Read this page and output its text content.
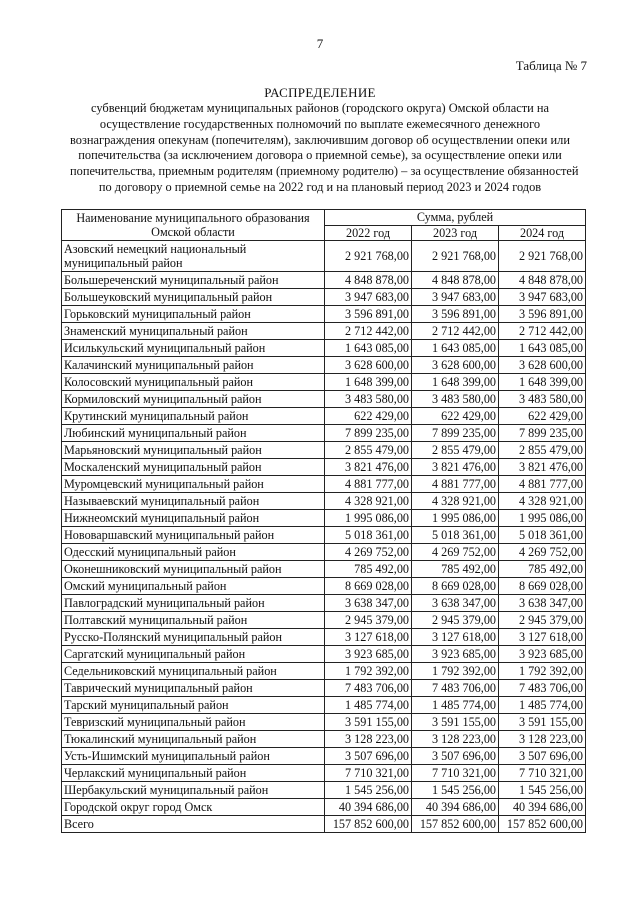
7
Таблица № 7
РАСПРЕДЕЛЕНИЕ
субвенций бюджетам муниципальных районов (городского округа) Омской области на
осуществление государственных полномочий по выплате ежемесячного денежного
вознаграждения опекунам (попечителям), заключившим договор об осуществлении опеки или
попечительства (за исключением договора о приемной семье), за осуществление опеки или
попечительства, приемным родителям (приемному родителю) – за осуществление обязанностей
по договору о приемной семье на 2022 год и на плановый период 2023 и 2024 годов
Наименование муниципального образования Омской области	Сумма, рублей		
	2022 год	2023 год	2024 год
Азовский немецкий национальный муниципальный район	2 921 768,00	2 921 768,00	2 921 768,00
Большереченский муниципальный район	4 848 878,00	4 848 878,00	4 848 878,00
Большеуковский муниципальный район	3 947 683,00	3 947 683,00	3 947 683,00
Горьковский муниципальный район	3 596 891,00	3 596 891,00	3 596 891,00
Знаменский муниципальный район	2 712 442,00	2 712 442,00	2 712 442,00
Исилькульский муниципальный район	1 643 085,00	1 643 085,00	1 643 085,00
Калачинский муниципальный район	3 628 600,00	3 628 600,00	3 628 600,00
Колосовский муниципальный район	1 648 399,00	1 648 399,00	1 648 399,00
Кормиловский муниципальный район	3 483 580,00	3 483 580,00	3 483 580,00
Крутинский муниципальный район	622 429,00	622 429,00	622 429,00
Любинский муниципальный район	7 899 235,00	7 899 235,00	7 899 235,00
Марьяновский муниципальный район	2 855 479,00	2 855 479,00	2 855 479,00
Москаленский муниципальный район	3 821 476,00	3 821 476,00	3 821 476,00
Муромцевский муниципальный район	4 881 777,00	4 881 777,00	4 881 777,00
Называевский муниципальный район	4 328 921,00	4 328 921,00	4 328 921,00
Нижнеомский муниципальный район	1 995 086,00	1 995 086,00	1 995 086,00
Нововаршавский муниципальный район	5 018 361,00	5 018 361,00	5 018 361,00
Одесский муниципальный район	4 269 752,00	4 269 752,00	4 269 752,00
Оконешниковский муниципальный район	785 492,00	785 492,00	785 492,00
Омский муниципальный район	8 669 028,00	8 669 028,00	8 669 028,00
Павлоградский муниципальный район	3 638 347,00	3 638 347,00	3 638 347,00
Полтавский муниципальный район	2 945 379,00	2 945 379,00	2 945 379,00
Русско-Полянский муниципальный район	3 127 618,00	3 127 618,00	3 127 618,00
Саргатский муниципальный район	3 923 685,00	3 923 685,00	3 923 685,00
Седельниковский муниципальный район	1 792 392,00	1 792 392,00	1 792 392,00
Таврический муниципальный район	7 483 706,00	7 483 706,00	7 483 706,00
Тарский муниципальный район	1 485 774,00	1 485 774,00	1 485 774,00
Тевризский муниципальный район	3 591 155,00	3 591 155,00	3 591 155,00
Тюкалинский муниципальный район	3 128 223,00	3 128 223,00	3 128 223,00
Усть-Ишимский муниципальный район	3 507 696,00	3 507 696,00	3 507 696,00
Черлакский муниципальный район	7 710 321,00	7 710 321,00	7 710 321,00
Шербакульский муниципальный район	1 545 256,00	1 545 256,00	1 545 256,00
Городской округ город Омск	40 394 686,00	40 394 686,00	40 394 686,00
Всего	157 852 600,00	157 852 600,00	157 852 600,00
